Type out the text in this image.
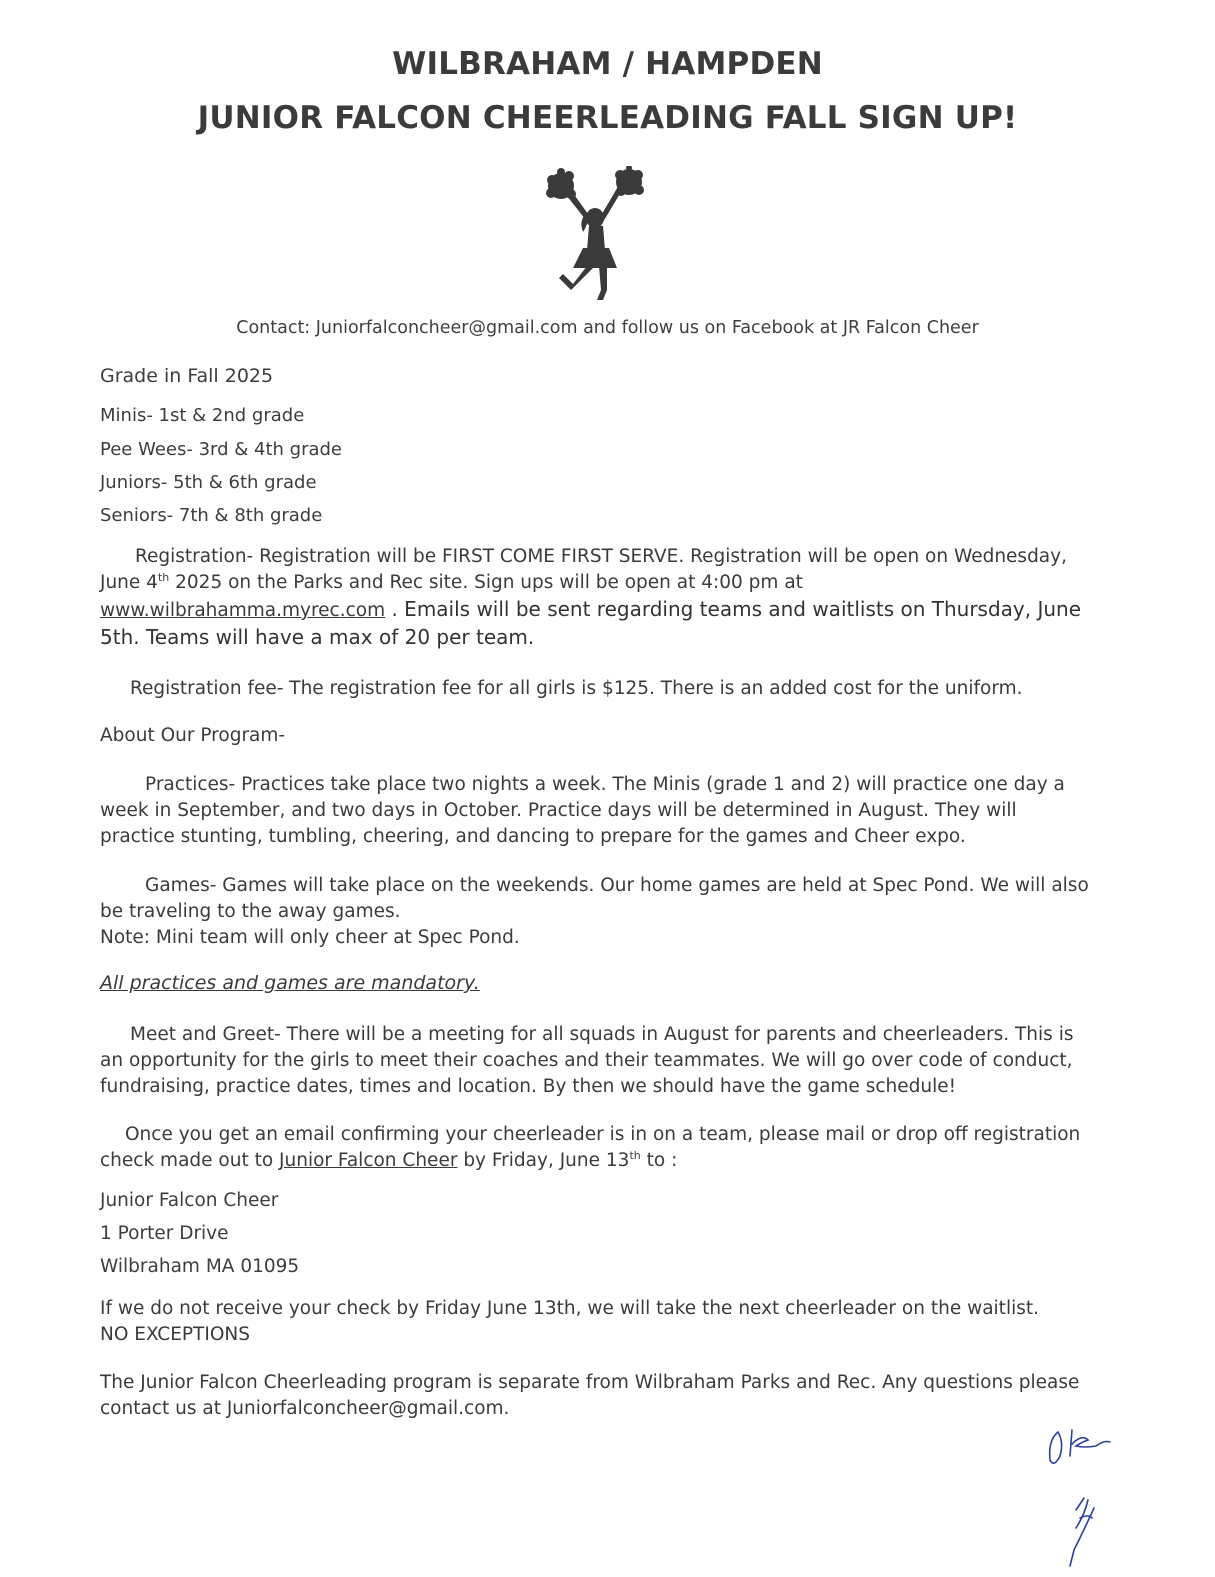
WILBRAHAM / HAMPDEN
JUNIOR FALCON CHEERLEADING FALL SIGN UP!
Contact: Juniorfalconcheer@gmail.com and follow us on Facebook at JR Falcon Cheer
Grade in Fall 2025
Minis- 1st & 2nd grade
Pee Wees- 3rd & 4th grade
Juniors- 5th & 6th grade
Seniors- 7th & 8th grade
Registration- Registration will be FIRST COME FIRST SERVE. Registration will be open on Wednesday, June 4th 2025 on the Parks and Rec site. Sign ups will be open at 4:00 pm at www.wilbrahamma.myrec.com . Emails will be sent regarding teams and waitlists on Thursday, June 5th. Teams will have a max of 20 per team.
Registration fee- The registration fee for all girls is $125. There is an added cost for the uniform.
About Our Program-
Practices- Practices take place two nights a week. The Minis (grade 1 and 2) will practice one day a week in September, and two days in October. Practice days will be determined in August. They will practice stunting, tumbling, cheering, and dancing to prepare for the games and Cheer expo.
Games- Games will take place on the weekends. Our home games are held at Spec Pond. We will also be traveling to the away games.
Note: Mini team will only cheer at Spec Pond.
All practices and games are mandatory.
Meet and Greet- There will be a meeting for all squads in August for parents and cheerleaders. This is an opportunity for the girls to meet their coaches and their teammates. We will go over code of conduct, fundraising, practice dates, times and location. By then we should have the game schedule!
Once you get an email confirming your cheerleader is in on a team, please mail or drop off registration check made out to Junior Falcon Cheer by Friday, June 13th to :
Junior Falcon Cheer
1 Porter Drive
Wilbraham MA 01095
If we do not receive your check by Friday June 13th, we will take the next cheerleader on the waitlist.
NO EXCEPTIONS
The Junior Falcon Cheerleading program is separate from Wilbraham Parks and Rec. Any questions please contact us at Juniorfalconcheer@gmail.com.
